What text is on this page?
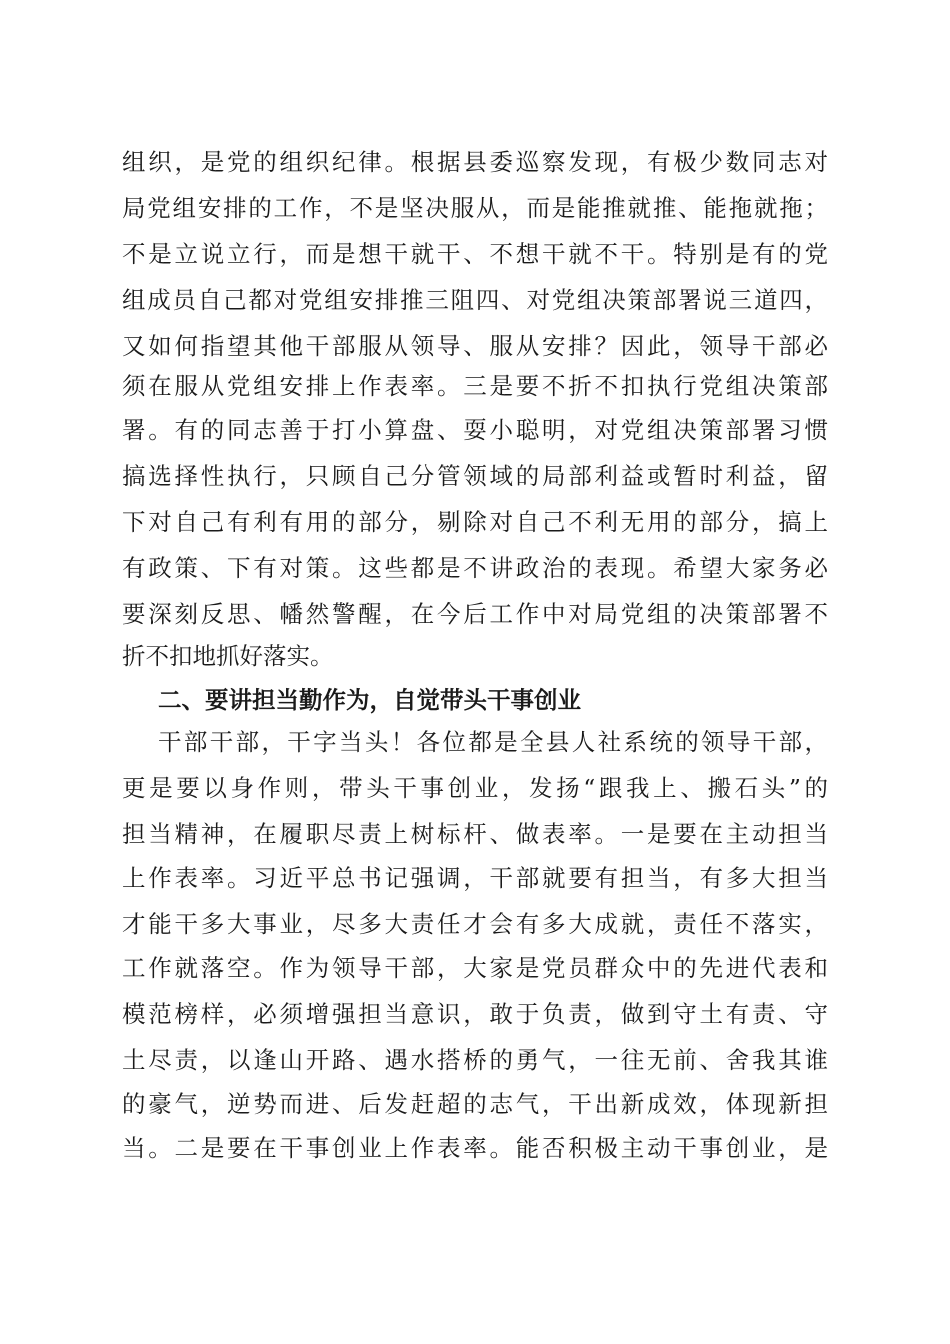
组织，是党的组织纪律。根据县委巡察发现，有极少数同志对
局党组安排的工作，不是坚决服从，而是能推就推、能拖就拖；
不是立说立行，而是想干就干、不想干就不干。特别是有的党
组成员自己都对党组安排推三阻四、对党组决策部署说三道四，
又如何指望其他干部服从领导、服从安排？因此，领导干部必
须在服从党组安排上作表率。三是要不折不扣执行党组决策部
署。有的同志善于打小算盘、耍小聪明，对党组决策部署习惯
搞选择性执行，只顾自己分管领域的局部利益或暂时利益，留
下对自己有利有用的部分，剔除对自己不利无用的部分，搞上
有政策、下有对策。这些都是不讲政治的表现。希望大家务必
要深刻反思、幡然警醒，在今后工作中对局党组的决策部署不
折不扣地抓好落实。
二、要讲担当勤作为，自觉带头干事创业
干部干部，干字当头！各位都是全县人社系统的领导干部，
更是要以身作则，带头干事创业，发扬“跟我上、搬石头”的
担当精神，在履职尽责上树标杆、做表率。一是要在主动担当
上作表率。习近平总书记强调，干部就要有担当，有多大担当
才能干多大事业，尽多大责任才会有多大成就，责任不落实，
工作就落空。作为领导干部，大家是党员群众中的先进代表和
模范榜样，必须增强担当意识，敢于负责，做到守土有责、守
土尽责，以逢山开路、遇水搭桥的勇气，一往无前、舍我其谁
的豪气，逆势而进、后发赶超的志气，干出新成效，体现新担
当。二是要在干事创业上作表率。能否积极主动干事创业，是
